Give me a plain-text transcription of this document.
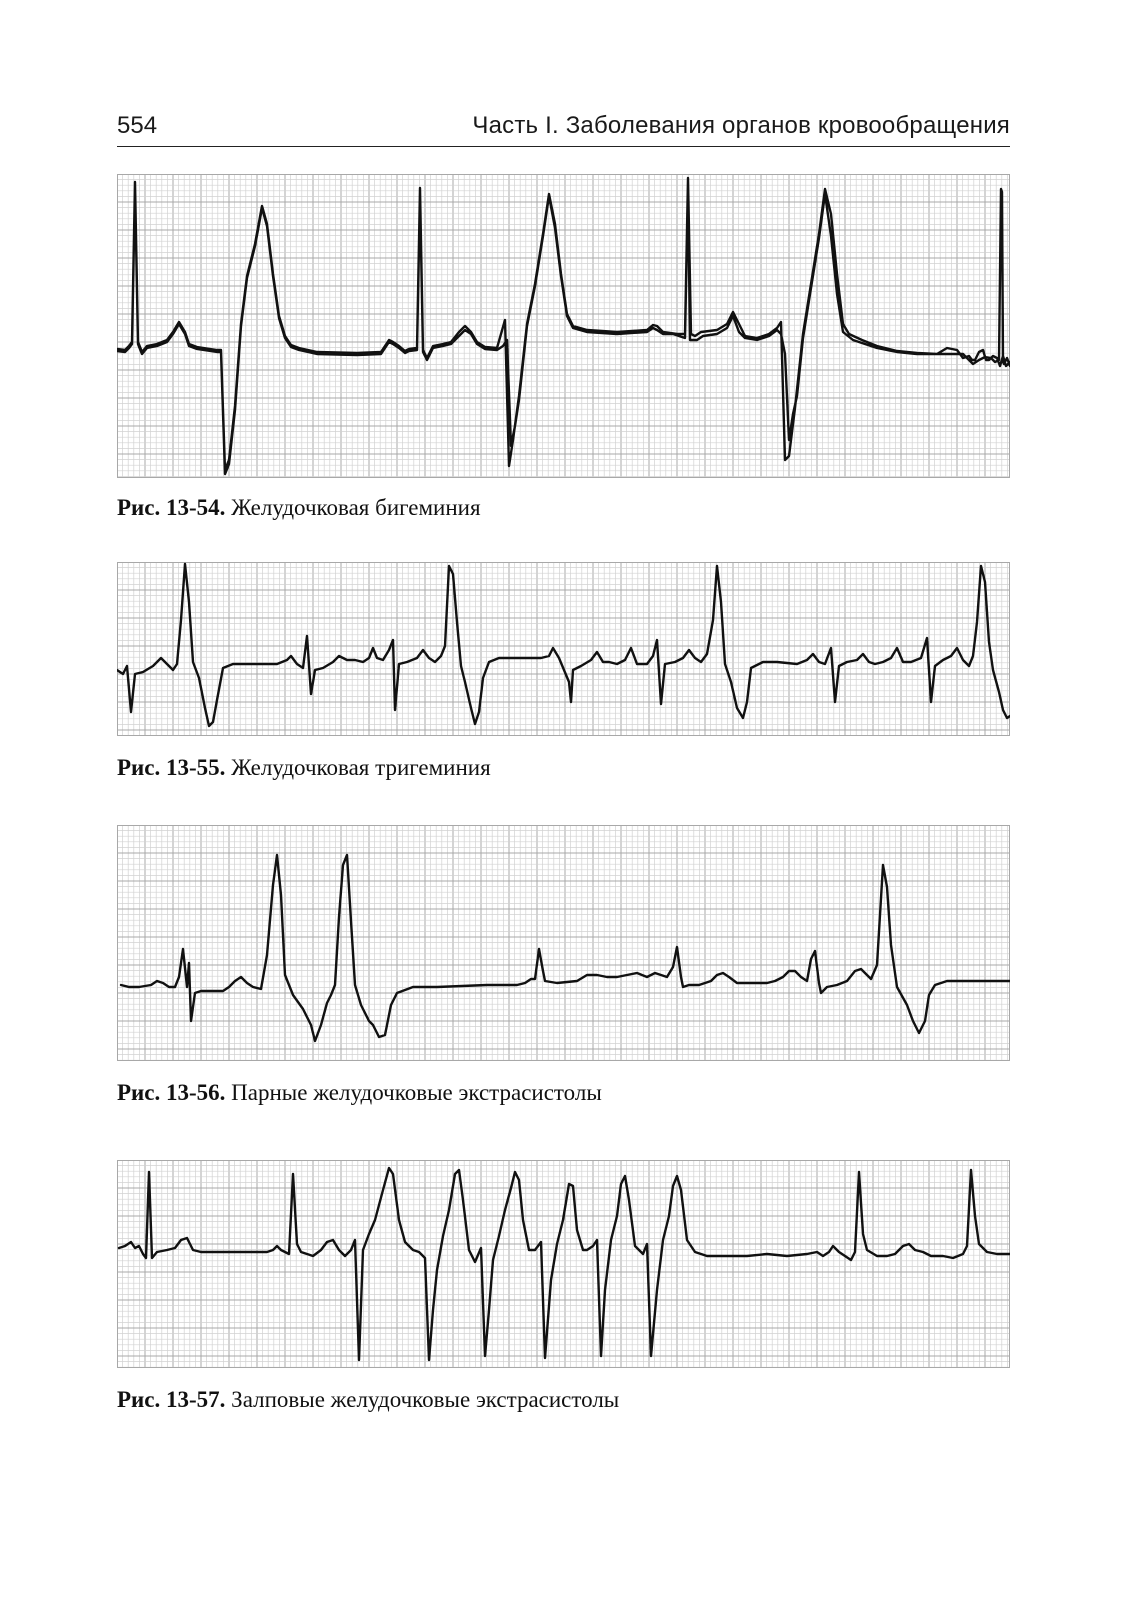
554	Часть I. Заболевания органов кровообращения
Рис. 13-54. Желудочковая бигеминия
Рис. 13-55. Желудочковая тригеминия
Рис. 13-56. Парные желудочковые экстрасистолы
Рис. 13-57. Залповые желудочковые экстрасистолы
